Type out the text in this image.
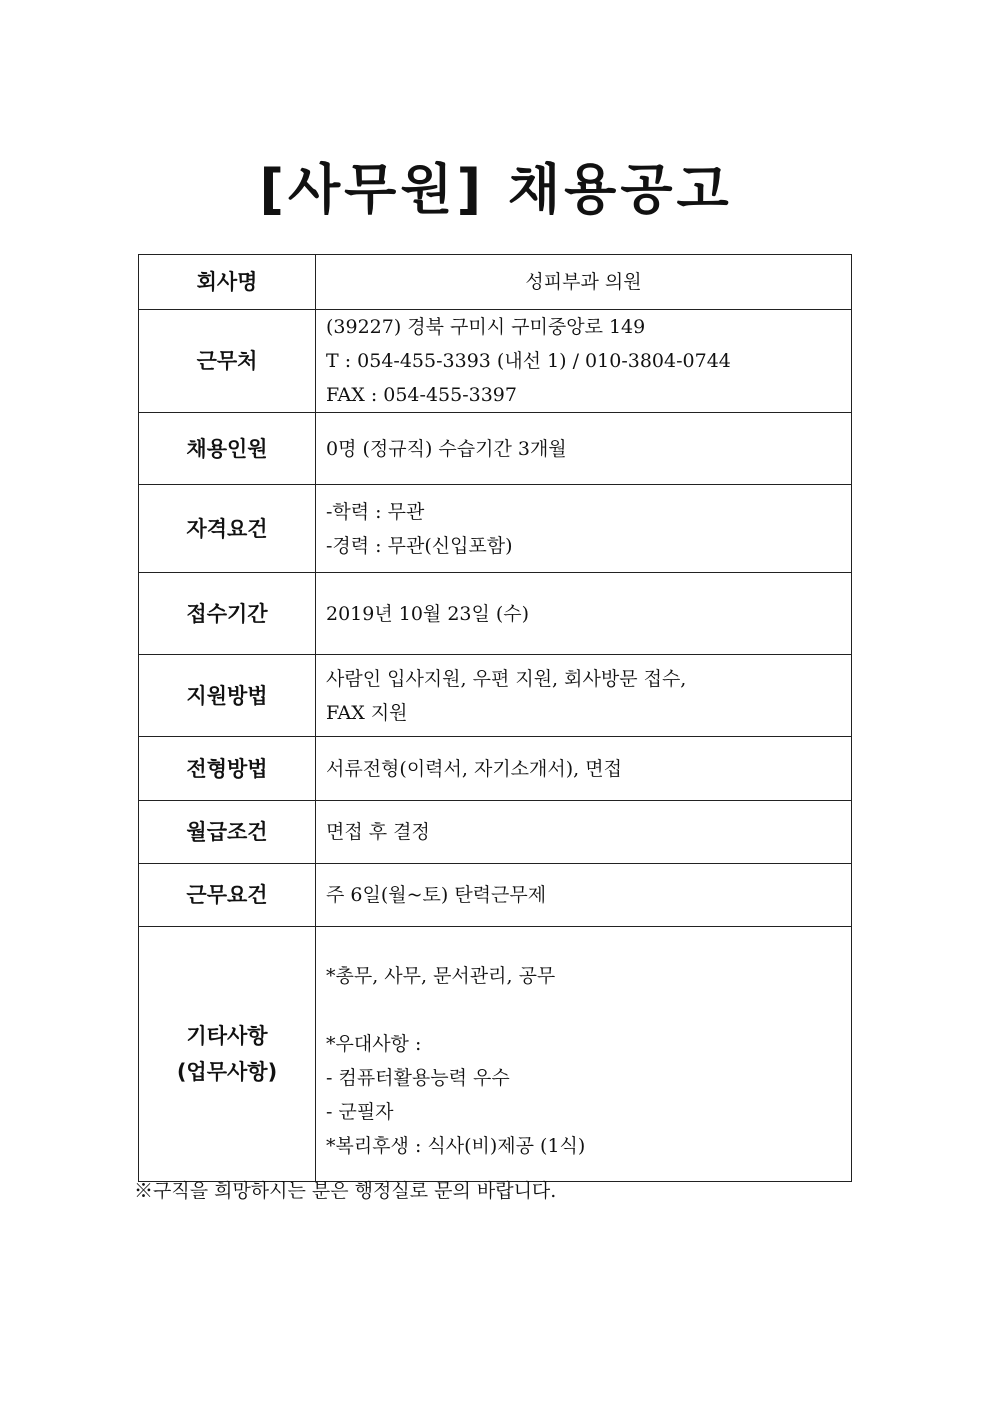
[사무원] 채용공고
회사명	성피부과 의원

근무처	(39227) 경북 구미시 구미중앙로 149
T : 054-455-3393 (내선 1) / 010-3804-0744
FAX : 054-455-3397

채용인원	0명 (정규직) 수습기간 3개월

자격요건	-학력 : 무관
-경력 : 무관(신입포함)

접수기간	2019년 10월 23일 (수)

지원방법	사람인 입사지원, 우편 지원, 회사방문 접수,
FAX 지원

전형방법	서류전형(이력서, 자기소개서), 면접

월급조건	면접 후 결정

근무요건	주 6일(월~토) 탄력근무제

기타사항
(업무사항)	*총무, 사무, 문서관리, 공무
*우대사항 :
- 컴퓨터활용능력 우수
- 군필자
*복리후생 : 식사(비)제공 (1식)
※구직을 희망하시는 분은 행정실로 문의 바랍니다.
